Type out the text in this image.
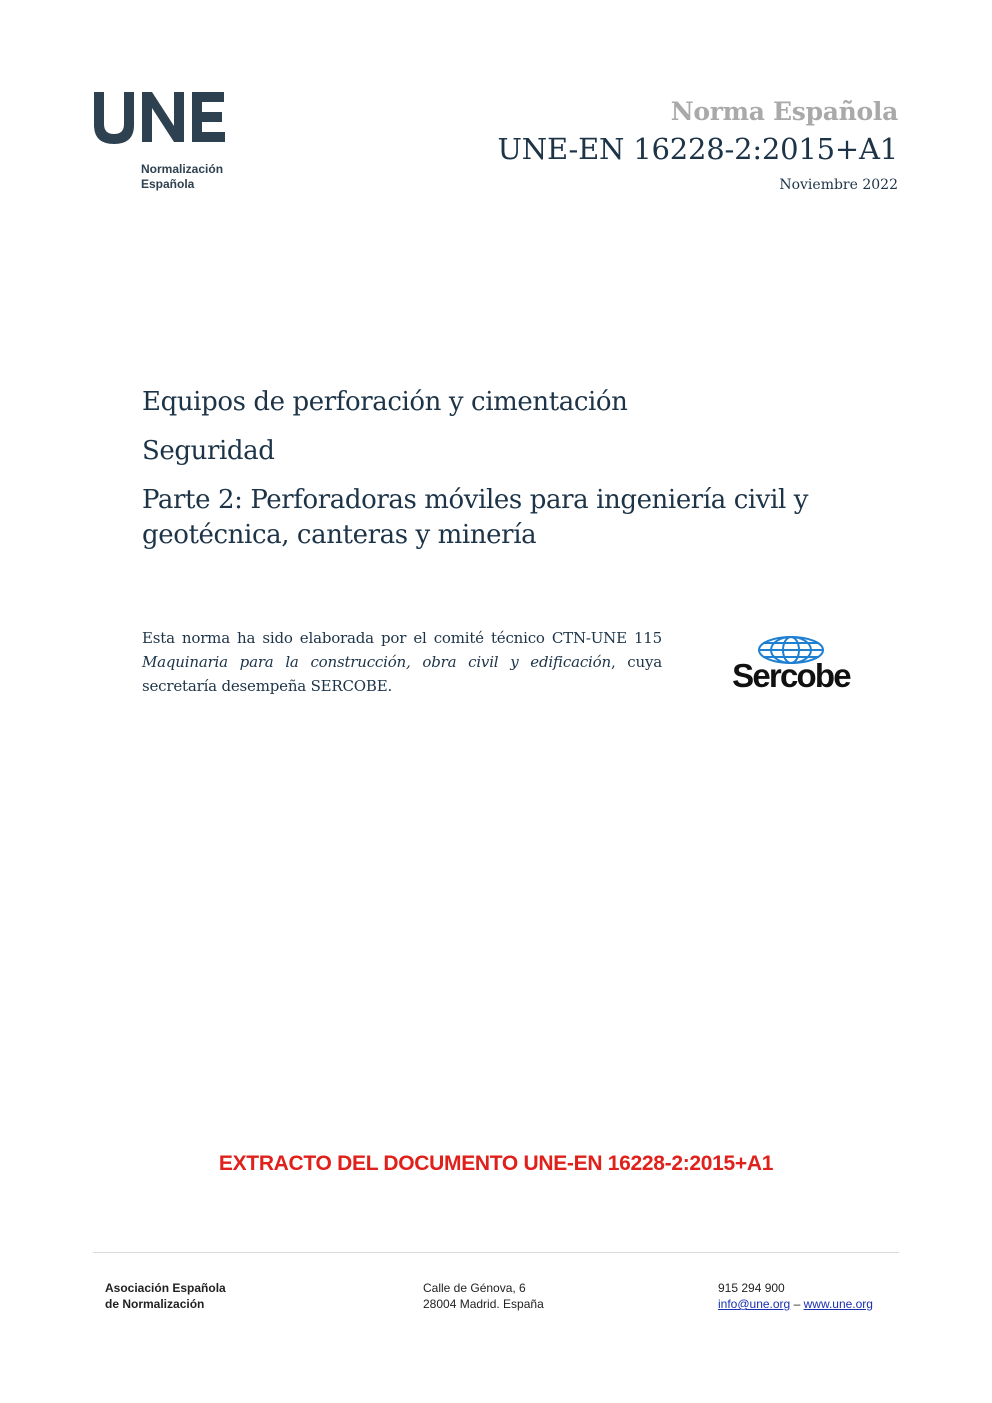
Normalización
Española
Norma Española
UNE-EN 16228-2:2015+A1
Noviembre 2022
Equipos de perforación y cimentación
Seguridad
Parte 2: Perforadoras móviles para ingeniería civil y
geotécnica, canteras y minería
Esta norma ha sido elaborada por el comité técnico CTN-UNE 115 Maquinaria para la construcción, obra civil y edificación, cuya secretaría desempeña SERCOBE.	Sercobe
EXTRACTO DEL DOCUMENTO UNE-EN 16228-2:2015+A1
Asociación Española
de Normalización
Calle de Génova, 6
28004 Madrid. España
915 294 900
info@une.org – www.une.org
